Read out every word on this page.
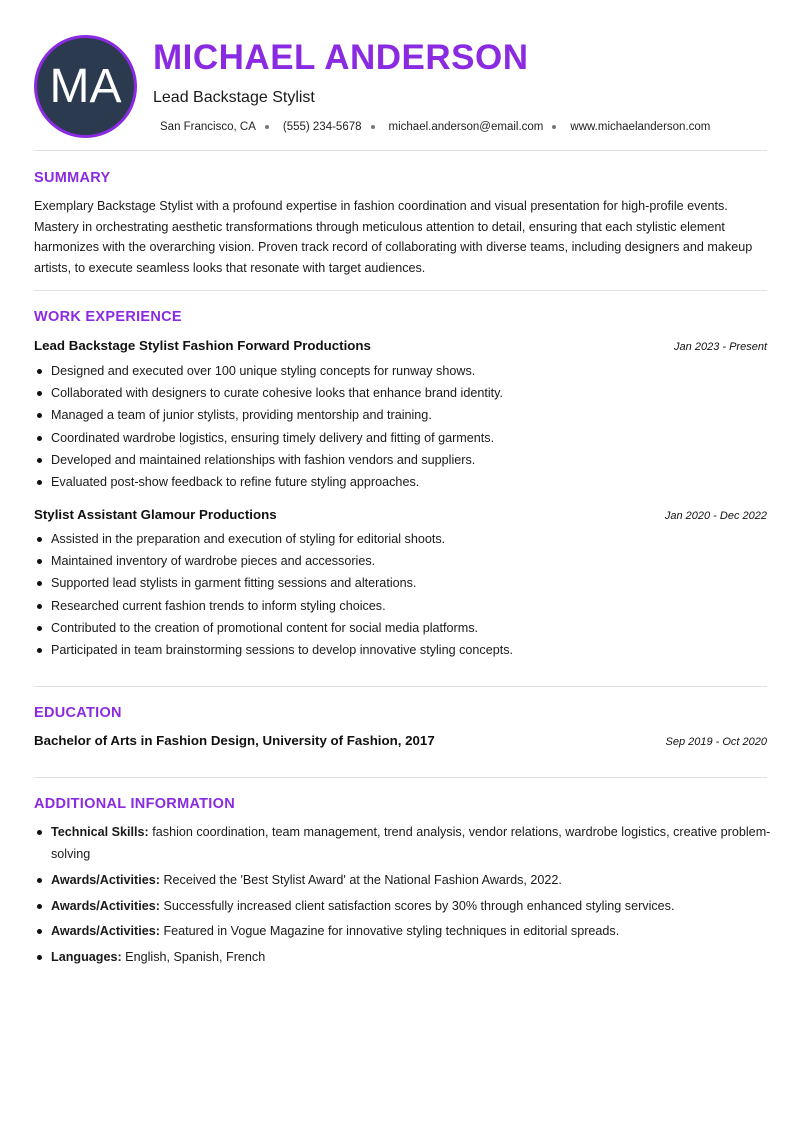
MA
MICHAEL ANDERSON
Lead Backstage Stylist
San Francisco, CA (555) 234-5678 michael.anderson@email.com www.michaelanderson.com
SUMMARY
Exemplary Backstage Stylist with a profound expertise in fashion coordination and visual presentation for high-profile events. Mastery in orchestrating aesthetic transformations through meticulous attention to detail, ensuring that each stylistic element harmonizes with the overarching vision. Proven track record of collaborating with diverse teams, including designers and makeup artists, to execute seamless looks that resonate with target audiences.
WORK EXPERIENCE
Lead Backstage Stylist Fashion Forward Productions	Jan 2023 - Present
Designed and executed over 100 unique styling concepts for runway shows.
Collaborated with designers to curate cohesive looks that enhance brand identity.
Managed a team of junior stylists, providing mentorship and training.
Coordinated wardrobe logistics, ensuring timely delivery and fitting of garments.
Developed and maintained relationships with fashion vendors and suppliers.
Evaluated post-show feedback to refine future styling approaches.
Stylist Assistant Glamour Productions	Jan 2020 - Dec 2022
Assisted in the preparation and execution of styling for editorial shoots.
Maintained inventory of wardrobe pieces and accessories.
Supported lead stylists in garment fitting sessions and alterations.
Researched current fashion trends to inform styling choices.
Contributed to the creation of promotional content for social media platforms.
Participated in team brainstorming sessions to develop innovative styling concepts.
EDUCATION
Bachelor of Arts in Fashion Design, University of Fashion, 2017	Sep 2019 - Oct 2020
ADDITIONAL INFORMATION
Technical Skills: fashion coordination, team management, trend analysis, vendor relations, wardrobe logistics, creative problem-solving
Awards/Activities: Received the 'Best Stylist Award' at the National Fashion Awards, 2022.
Awards/Activities: Successfully increased client satisfaction scores by 30% through enhanced styling services.
Awards/Activities: Featured in Vogue Magazine for innovative styling techniques in editorial spreads.
Languages: English, Spanish, French
